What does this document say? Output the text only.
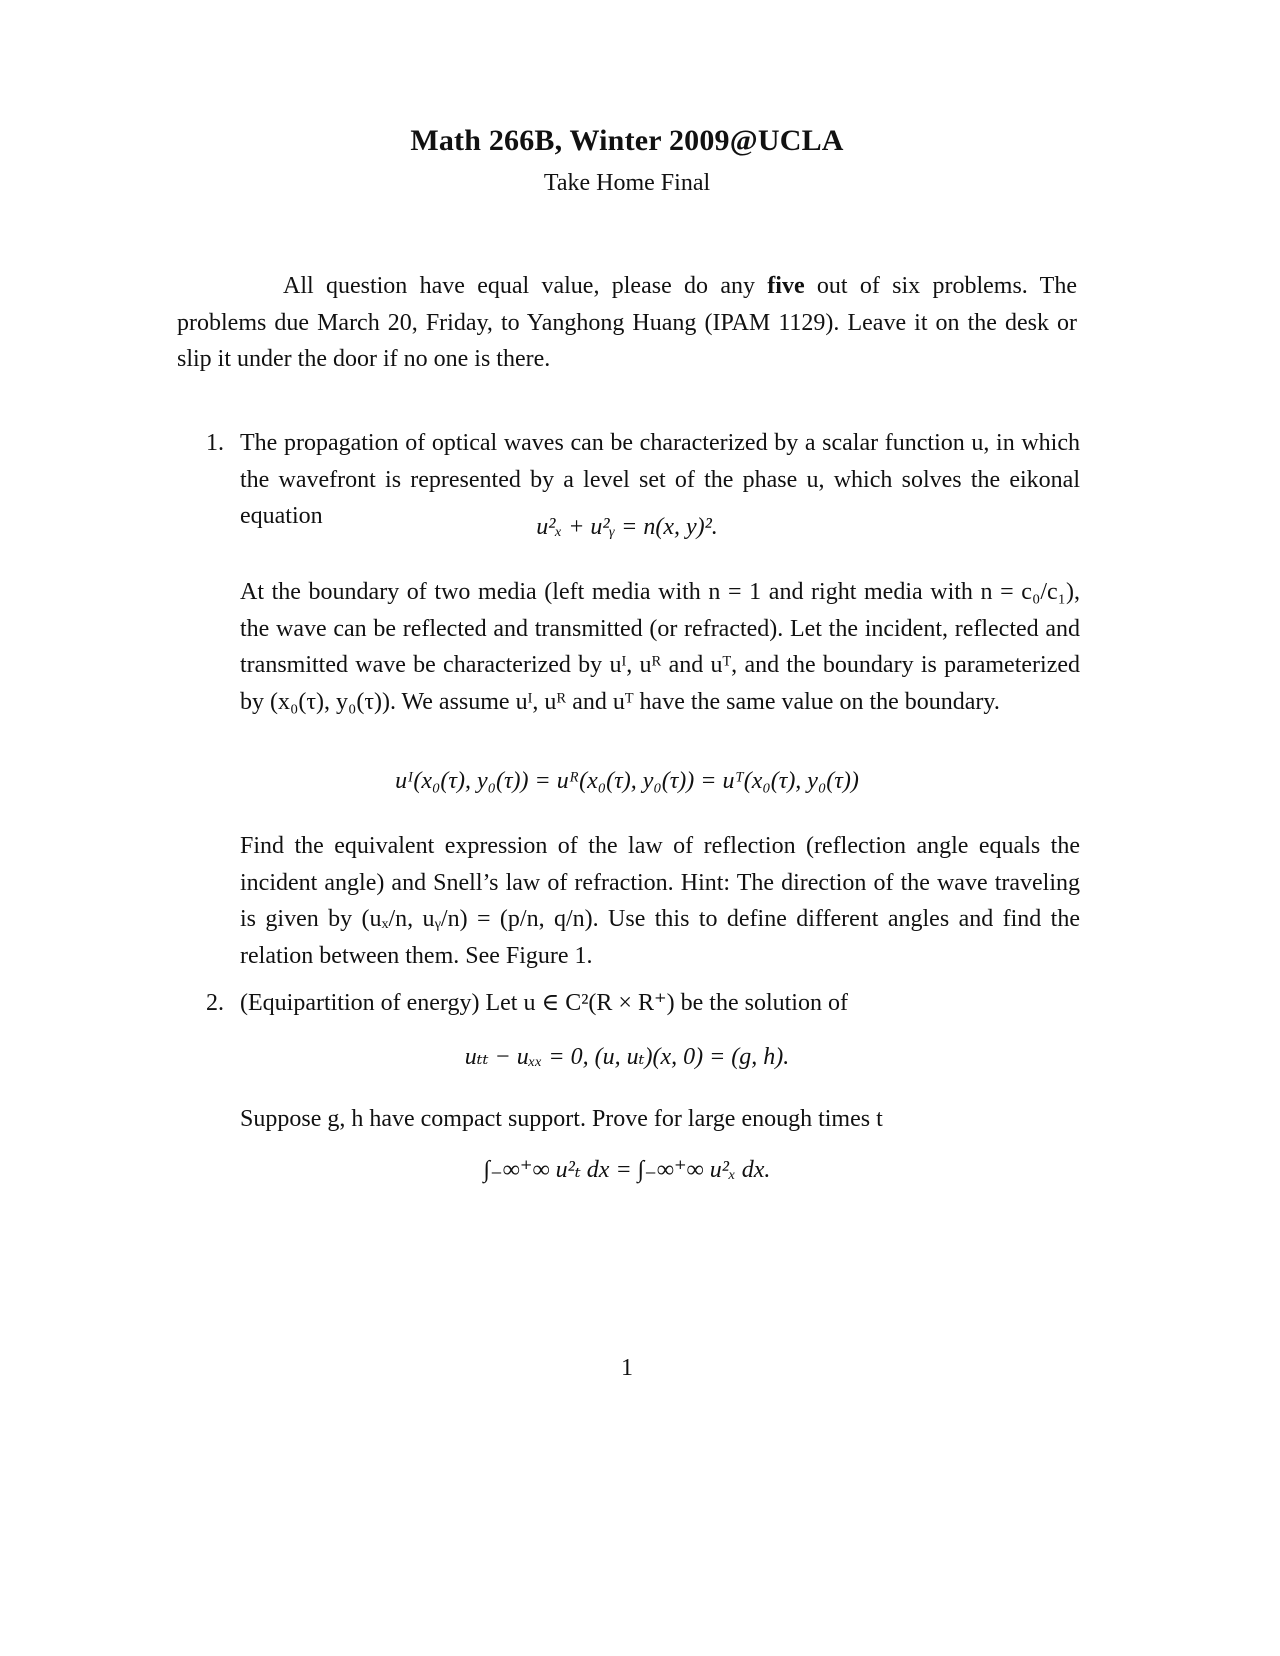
Math 266B, Winter 2009@UCLA
Take Home Final
All question have equal value, please do any five out of six problems. The problems due March 20, Friday, to Yanghong Huang (IPAM 1129). Leave it on the desk or slip it under the door if no one is there.
1. The propagation of optical waves can be characterized by a scalar function u, in which the wavefront is represented by a level set of the phase u, which solves the eikonal equation	u²ₓ + u²ᵧ = n(x, y)².
At the boundary of two media (left media with n = 1 and right media with n = c₀/c₁), the wave can be reflected and transmitted (or refracted). Let the incident, reflected and transmitted wave be characterized by uᴵ, uᴿ and uᵀ, and the boundary is parameterized by (x₀(τ), y₀(τ)). We assume uᴵ, uᴿ and uᵀ have the same value on the boundary.
uᴵ(x₀(τ), y₀(τ)) = uᴿ(x₀(τ), y₀(τ)) = uᵀ(x₀(τ), y₀(τ))
Find the equivalent expression of the law of reflection (reflection angle equals the incident angle) and Snell’s law of refraction. Hint: The direction of the wave traveling is given by (uₓ/n, uᵧ/n) = (p/n, q/n). Use this to define different angles and find the relation between them. See Figure 1.
2. (Equipartition of energy) Let u ∈ C²(R × R⁺) be the solution of
uₜₜ − uₓₓ = 0, (u, uₜ)(x, 0) = (g, h).
Suppose g, h have compact support. Prove for large enough times t
∫₋∞⁺∞ u²ₜ dx = ∫₋∞⁺∞ u²ₓ dx.
1
